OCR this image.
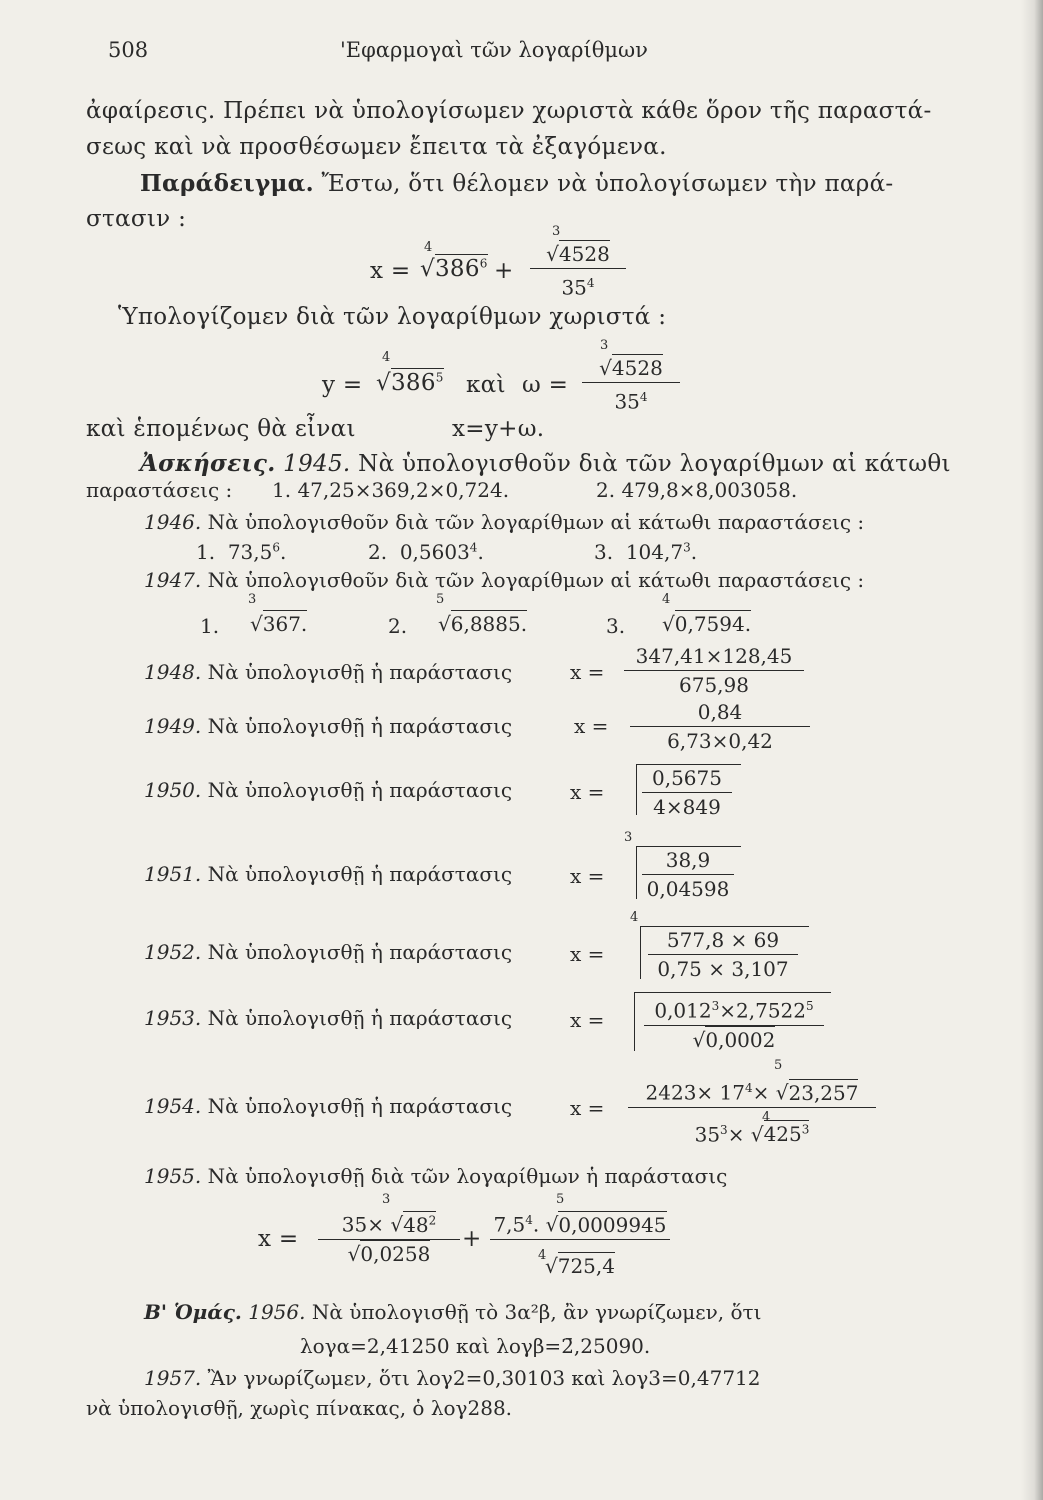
508	'Εφαρμογαὶ τῶν λογαρίθμων
ἀφαίρεσις. Πρέπει νὰ ὑπολογίσωμεν χωριστὰ κάθε ὅρον τῆς παραστά-
σεως καὶ νὰ προσθέσωμεν ἔπειτα τὰ ἐξαγόμενα.
Παράδειγμα. Ἔστω, ὅτι θέλομεν νὰ ὑπολογίσωμεν τὴν παρά-
στασιν :
x =
4
$√386^6$ +
3
√4528
$35^4$
Ὑπολογίζομεν διὰ τῶν λογαρίθμων χωριστά :
y =
4
$√386^5$ καὶ ω =
3
√4528
$35^4$
καὶ ἑπομένως θὰ εἶναι	x=y+ω.
Ἀσκήσεις. 1945. Νὰ ὑπολογισθοῦν διὰ τῶν λογαρίθμων αἱ κάτωθι
παραστάσεις : 1. 47,25×369,2×0,724.	2. 479,8×8,003058.
1946. Νὰ ὑπολογισθοῦν διὰ τῶν λογαρίθμων αἱ κάτωθι παραστάσεις :
1. 73,5$^6$.	2. 0,5603$^4$.	3. 104,7$^3$.
1947. Νὰ ὑπολογισθοῦν διὰ τῶν λογαρίθμων αἱ κάτωθι παραστάσεις :
1.
3
√367.	2.
5
√6,8885.	3.
4
√0,7594.
1948. Νὰ ὑπολογισθῇ ἡ παράστασις	x =
347,41×128,45
675,98
1949. Νὰ ὑπολογισθῇ ἡ παράστασις	x =
0,84
6,73×0,42
1950. Νὰ ὑπολογισθῇ ἡ παράστασις	x =
0,5675
4×849
1951. Νὰ ὑπολογισθῇ ἡ παράστασις	x =
3
38,9
0,04598
1952. Νὰ ὑπολογισθῇ ἡ παράστασις	x =
4
577,8 × 69
0,75 × 3,107
1953. Νὰ ὑπολογισθῇ ἡ παράστασις	x =	$0,012^3\times 2,7522^5$
√0,0002
1954. Νὰ ὑπολογισθῇ ἡ παράστασις	x =
5
4
$2423\times 17^4\times √23,257$
$35^3\times √425^3$
1955. Νὰ ὑπολογισθῇ διὰ τῶν λογαρίθμων ἡ παράστασις
x =
3
$35\times √48^2$
√0,0258
+
5
4
$7,5^4$. √0,0009945
√725,4
Β' Ὁμάς. 1956. Νὰ ὑπολογισθῇ τὸ 3α²β, ἂν γνωρίζωμεν, ὅτι
λογα=2,41250 καὶ λογβ=2̄,25090.
1957. Ἂν γνωρίζωμεν, ὅτι λογ2=0,30103 καὶ λογ3=0,47712
νὰ ὑπολογισθῇ, χωρὶς πίνακας, ὁ λογ288.
